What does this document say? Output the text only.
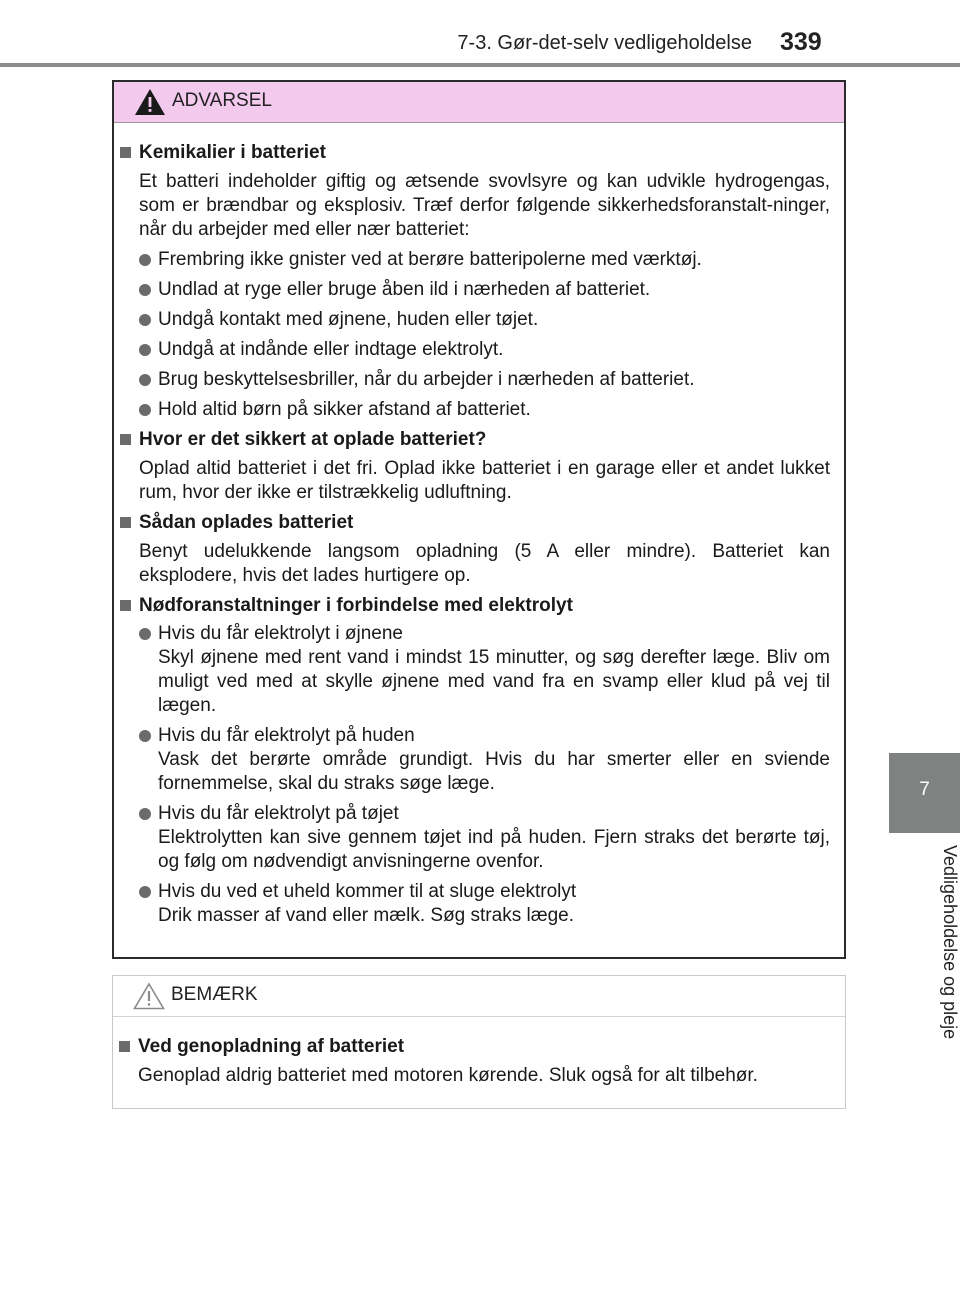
7-3. Gør-det-selv vedligeholdelse 339
7
Vedligeholdelse og pleje
ADVARSEL
Kemikalier i batteriet
Et batteri indeholder giftig og ætsende svovlsyre og kan udvikle hydrogengas, som er brændbar og eksplosiv. Træf derfor følgende sikkerhedsforanstalt-ninger, når du arbejder med eller nær batteriet:
Frembring ikke gnister ved at berøre batteripolerne med værktøj.
Undlad at ryge eller bruge åben ild i nærheden af batteriet.
Undgå kontakt med øjnene, huden eller tøjet.
Undgå at indånde eller indtage elektrolyt.
Brug beskyttelsesbriller, når du arbejder i nærheden af batteriet.
Hold altid børn på sikker afstand af batteriet.
Hvor er det sikkert at oplade batteriet?
Oplad altid batteriet i det fri. Oplad ikke batteriet i en garage eller et andet lukket rum, hvor der ikke er tilstrækkelig udluftning.
Sådan oplades batteriet
Benyt udelukkende langsom opladning (5 A eller mindre). Batteriet kan eksplodere, hvis det lades hurtigere op.
Nødforanstaltninger i forbindelse med elektrolyt
Hvis du får elektrolyt i øjnene
Skyl øjnene med rent vand i mindst 15 minutter, og søg derefter læge. Bliv om muligt ved med at skylle øjnene med vand fra en svamp eller klud på vej til lægen.
Hvis du får elektrolyt på huden
Vask det berørte område grundigt. Hvis du har smerter eller en sviende fornemmelse, skal du straks søge læge.
Hvis du får elektrolyt på tøjet
Elektrolytten kan sive gennem tøjet ind på huden. Fjern straks det berørte tøj, og følg om nødvendigt anvisningerne ovenfor.
Hvis du ved et uheld kommer til at sluge elektrolyt
Drik masser af vand eller mælk. Søg straks læge.
BEMÆRK
Ved genopladning af batteriet
Genoplad aldrig batteriet med motoren kørende. Sluk også for alt tilbehør.
